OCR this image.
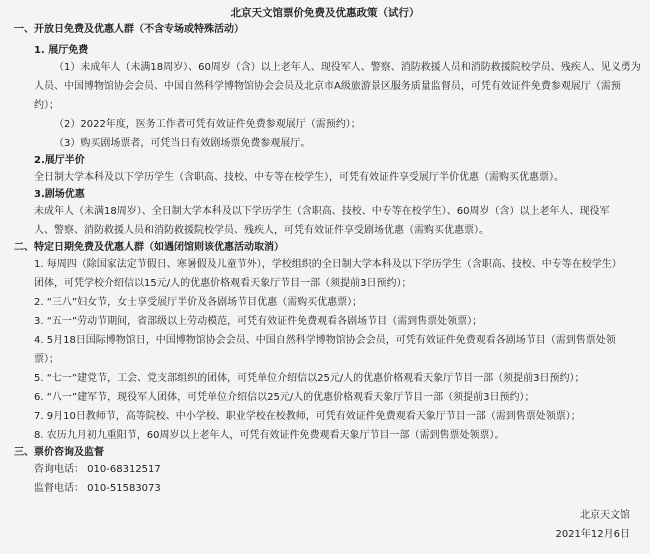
北京天文馆票价免费及优惠政策（试行）
一、开放日免费及优惠人群（不含专场或特殊活动）
1. 展厅免费
（1）未成年人（未满18周岁）、60周岁（含）以上老年人、现役军人、警察、消防救援人员和消防救援院校学员、残疾人、见义勇为
人员、中国博物馆协会会员、中国自然科学博物馆协会会员及北京市A级旅游景区服务质量监督员，可凭有效证件免费参观展厅（需预
约）；
（2）2022年度，医务工作者可凭有效证件免费参观展厅（需预约）；
（3）购买剧场票者，可凭当日有效剧场票免费参观展厅。
2.展厅半价
全日制大学本科及以下学历学生（含职高、技校、中专等在校学生），可凭有效证件享受展厅半价优惠（需购买优惠票）。
3.剧场优惠
未成年人（未满18周岁）、全日制大学本科及以下学历学生（含职高、技校、中专等在校学生）、60周岁（含）以上老年人、现役军
人、警察、消防救援人员和消防救援院校学员、残疾人，可凭有效证件享受剧场优惠（需购买优惠票）。
二、特定日期免费及优惠人群（如遇闭馆则该优惠活动取消）
1. 每周四（除国家法定节假日、寒暑假及儿童节外），学校组织的全日制大学本科及以下学历学生（含职高、技校、中专等在校学生）
团体，可凭学校介绍信以15元/人的优惠价格观看天象厅节目一部（须提前3日预约）；
2. “三八”妇女节，女士享受展厅半价及各剧场节目优惠（需购买优惠票）；
3. “五一”劳动节期间，省部级以上劳动模范，可凭有效证件免费观看各剧场节目（需到售票处领票）；
4. 5月18日国际博物馆日，中国博物馆协会会员、中国自然科学博物馆协会会员，可凭有效证件免费观看各剧场节目（需到售票处领
票）；
5. “七一”建党节，工会、党支部组织的团体，可凭单位介绍信以25元/人的优惠价格观看天象厅节目一部（须提前3日预约）；
6. “八一”建军节，现役军人团体，可凭单位介绍信以25元/人的优惠价格观看天象厅节目一部（须提前3日预约）；
7. 9月10日教师节，高等院校、中小学校、职业学校在校教师，可凭有效证件免费观看天象厅节目一部（需到售票处领票）；
8. 农历九月初九重阳节，60周岁以上老年人，可凭有效证件免费观看天象厅节目一部（需到售票处领票）。
三、票价咨询及监督
咨询电话： 010-68312517
监督电话： 010-51583073
北京天文馆
2021年12月6日
